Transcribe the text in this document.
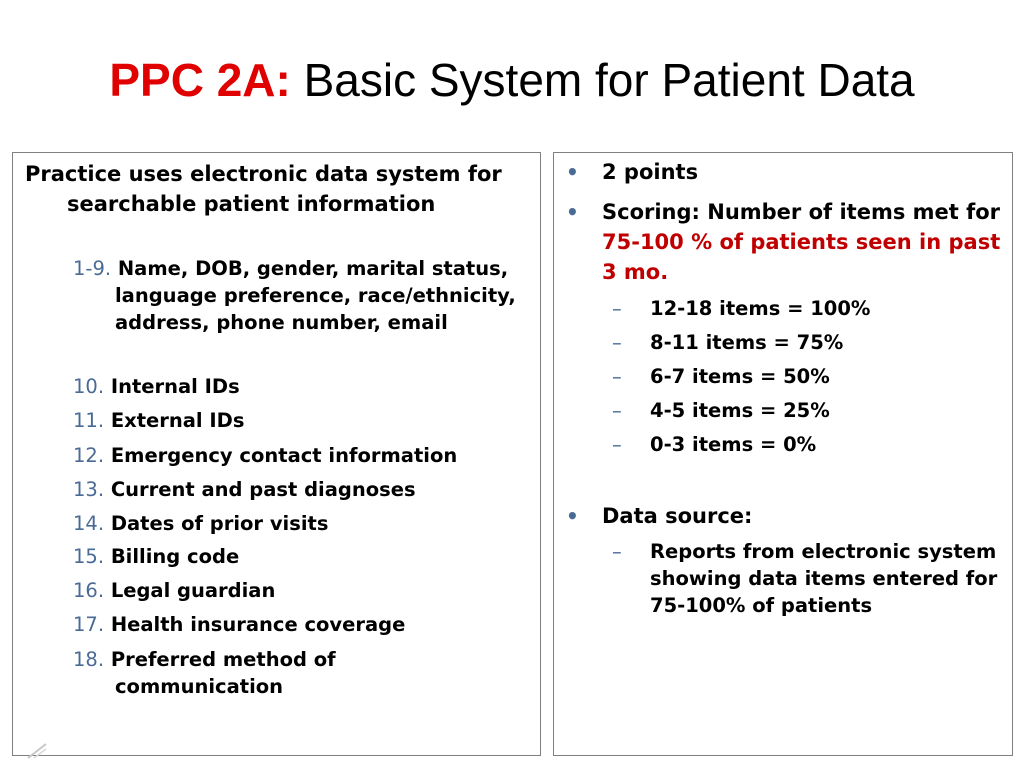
PPC 2A: Basic System for Patient Data
Practice uses electronic data system for searchable patient information
1-9. Name, DOB, gender, marital status, language preference, race/ethnicity, address, phone number, email
10. Internal IDs
11. External IDs
12. Emergency contact information
13. Current and past diagnoses
14. Dates of prior visits
15. Billing code
16. Legal guardian
17. Health insurance coverage
18. Preferred method of communication
•	2 points
•	Scoring: Number of items met for 75-100 % of patients seen in past 3 mo.
–	12-18 items = 100%
–	8-11 items = 75%
–	6-7 items = 50%
–	4-5 items = 25%
–	0-3 items = 0%
•	Data source:
–	Reports from electronic system showing data items entered for 75-100% of patients
